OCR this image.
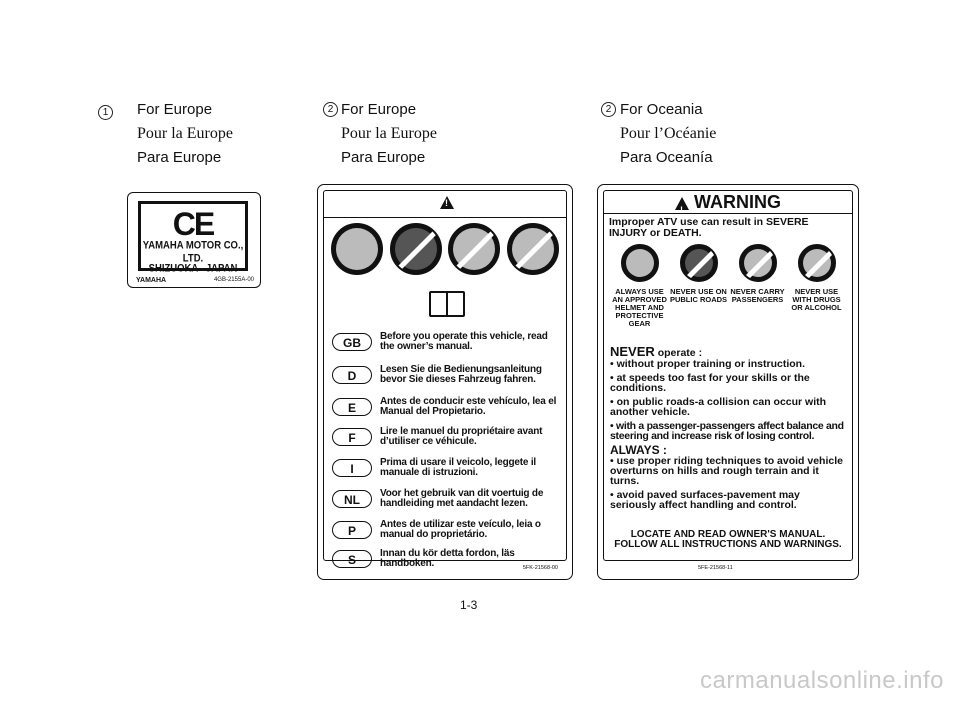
1	For Europe
Pour la Europe
Para Europe
2 For Europe
Pour la Europe
Para Europe
2 For Oceania
Pour l’Océanie
Para Oceanía
CE
YAMAHA MOTOR CO., LTD.
SHIZUOKA   JAPAN
YAMAHA	4GB-2155A-00
!
GB	Before you operate this vehicle, read the owner’s manual.
D	Lesen Sie die Bedienungsanleitung bevor Sie dieses Fahrzeug fahren.
E	Antes de conducir este vehículo, lea el Manual del Propietario.
F	Lire le manuel du propriétaire avant d’utiliser ce véhicule.
I	Prima di usare il veicolo, leggete il manuale di istruzioni.
NL	Voor het gebruik van dit voertuig de handleiding met aandacht lezen.
P	Antes de utilizar este veículo, leia o manual do proprietário.
S	Innan du kör detta fordon, läs handboken.	5FK-21568-00
! WARNING
Improper ATV use can result in SEVERE INJURY or DEATH.
ALWAYS USE AN APPROVED HELMET AND PROTECTIVE GEAR
NEVER USE ON PUBLIC ROADS
NEVER CARRY PASSENGERS
NEVER USE WITH DRUGS OR ALCOHOL
NEVER operate :
• without proper training or instruction.
• at speeds too fast for your skills or the conditions.
• on public roads-a collision can occur with another vehicle.
• with a passenger-passengers affect balance and steering and increase risk of losing control.
ALWAYS :
• use proper riding techniques to avoid vehicle overturns on hills and rough terrain and it turns.
• avoid paved surfaces-pavement may seriously affect handling and control.
LOCATE AND READ OWNER'S MANUAL. FOLLOW ALL INSTRUCTIONS AND WARNINGS.
5FE-21568-11
1-3
carmanualsonline.info
